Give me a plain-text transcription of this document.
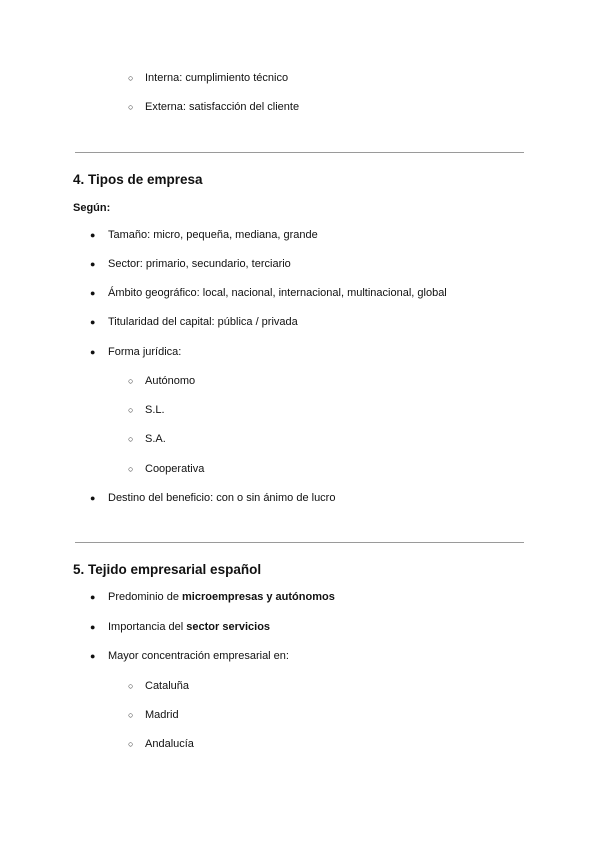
○ Interna: cumplimiento técnico
○ Externa: satisfacción del cliente
4. Tipos de empresa
Según:
● Tamaño: micro, pequeña, mediana, grande
● Sector: primario, secundario, terciario
● Ámbito geográfico: local, nacional, internacional, multinacional, global
● Titularidad del capital: pública / privada
● Forma jurídica:
○ Autónomo
○ S.L.
○ S.A.
○ Cooperativa
● Destino del beneficio: con o sin ánimo de lucro
5. Tejido empresarial español
● Predominio de microempresas y autónomos
● Importancia del sector servicios
● Mayor concentración empresarial en:
○ Cataluña
○ Madrid
○ Andalucía
